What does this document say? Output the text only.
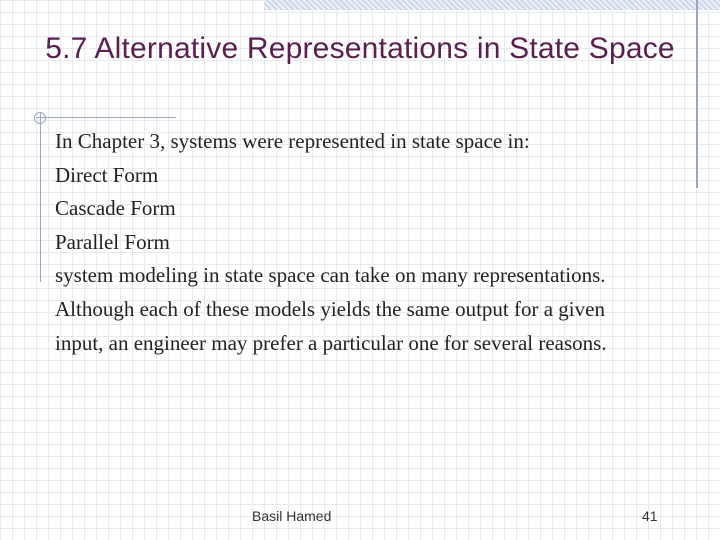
5.7 Alternative Representations in State Space

In Chapter 3, systems were represented in state space in:

Direct Form

Cascade Form

Parallel Form

system modeling in state space can take on many representations.

Although each of these models yields the same output for a given

input, an engineer may prefer a particular one for several reasons.

Basil Hamed	41
